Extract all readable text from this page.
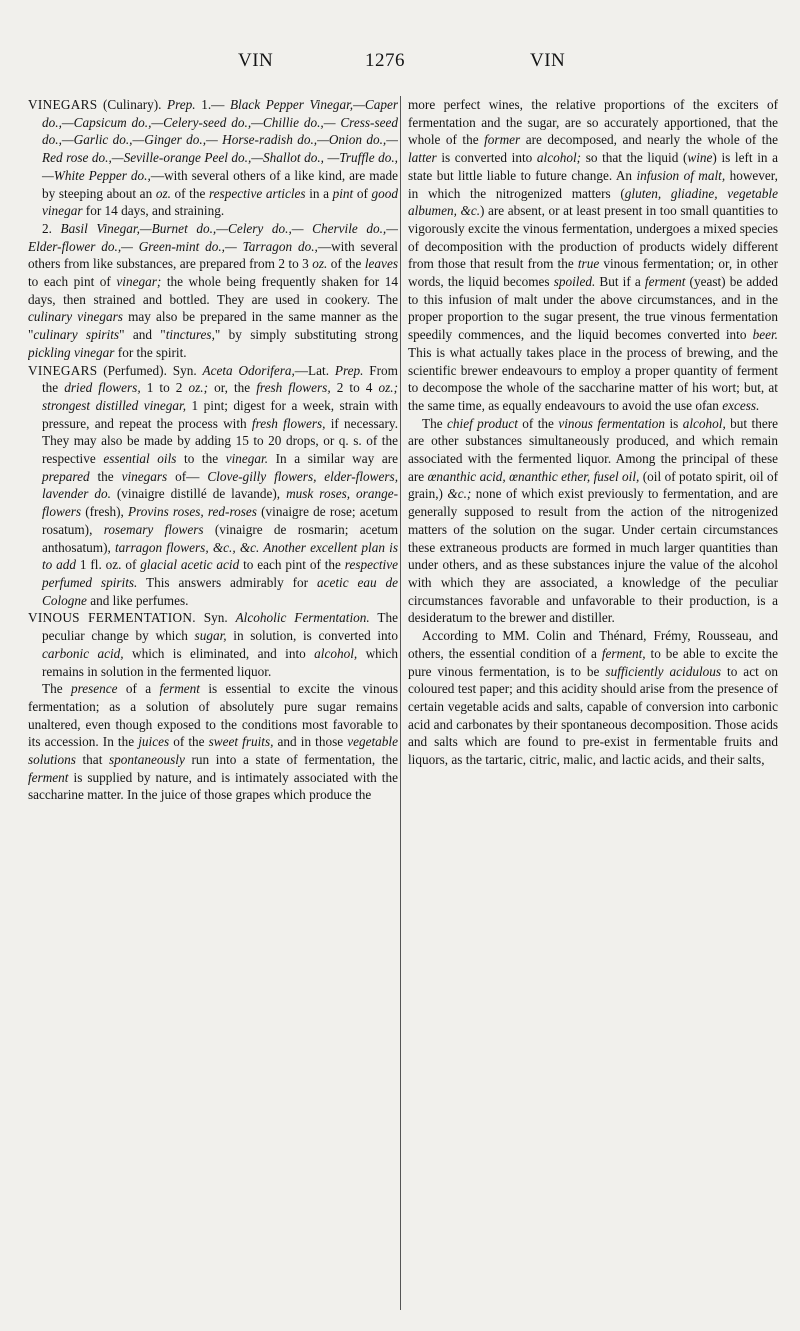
VIN	1276	VIN

VINEGARS (Culinary). Prep. 1.— Black Pepper Vinegar,—Caper do.,—Capsicum do.,—Celery-seed do.,—Chillie do.,— Cress-seed do.,—Garlic do.,—Ginger do.,— Horse-radish do.,—Onion do.,—Red rose do.,—Seville-orange Peel do.,—Shallot do., —Truffle do.,—White Pepper do.,—with several others of a like kind, are made by steeping about an oz. of the respective articles in a pint of good vinegar for 14 days, and straining.

2. Basil Vinegar,—Burnet do.,—Celery do.,— Chervile do.,—Elder-flower do.,— Green-mint do.,— Tarragon do.,—with several others from like substances, are prepared from 2 to 3 oz. of the leaves to each pint of vinegar; the whole being frequently shaken for 14 days, then strained and bottled. They are used in cookery. The culinary vinegars may also be prepared in the same manner as the "culinary spirits" and "tinctures," by simply substituting strong pickling vinegar for the spirit.

VINEGARS (Perfumed). Syn. Aceta Odorifera,—Lat. Prep. From the dried flowers, 1 to 2 oz.; or, the fresh flowers, 2 to 4 oz.; strongest distilled vinegar, 1 pint; digest for a week, strain with pressure, and repeat the process with fresh flowers, if necessary. They may also be made by adding 15 to 20 drops, or q. s. of the respective essential oils to the vinegar. In a similar way are prepared the vinegars of— Clove-gilly flowers, elder-flowers, lavender do. (vinaigre distillé de lavande), musk roses, orange-flowers (fresh), Provins roses, red-roses (vinaigre de rose; acetum rosatum), rosemary flowers (vinaigre de rosmarin; acetum anthosatum), tarragon flowers, &c., &c. Another excellent plan is to add 1 fl. oz. of glacial acetic acid to each pint of the respective perfumed spirits. This answers admirably for acetic eau de Cologne and like perfumes.

VINOUS FERMENTATION. Syn. Alcoholic Fermentation. The peculiar change by which sugar, in solution, is converted into carbonic acid, which is eliminated, and into alcohol, which remains in solution in the fermented liquor.

The presence of a ferment is essential to excite the vinous fermentation; as a solution of absolutely pure sugar remains unaltered, even though exposed to the conditions most favorable to its accession. In the juices of the sweet fruits, and in those vegetable solutions that spontaneously run into a state of fermentation, the ferment is supplied by nature, and is intimately associated with the saccharine matter. In the juice of those grapes which produce the

more perfect wines, the relative proportions of the exciters of fermentation and the sugar, are so accurately apportioned, that the whole of the former are decomposed, and nearly the whole of the latter is converted into alcohol; so that the liquid (wine) is left in a state but little liable to future change. An infusion of malt, however, in which the nitrogenized matters (gluten, gliadine, vegetable albumen, &c.) are absent, or at least present in too small quantities to vigorously excite the vinous fermentation, undergoes a mixed species of decomposition with the production of products widely different from those that result from the true vinous fermentation; or, in other words, the liquid becomes spoiled. But if a ferment (yeast) be added to this infusion of malt under the above circumstances, and in the proper proportion to the sugar present, the true vinous fermentation speedily commences, and the liquid becomes converted into beer. This is what actually takes place in the process of brewing, and the scientific brewer endeavours to employ a proper quantity of ferment to decompose the whole of the saccharine matter of his wort; but, at the same time, as equally endeavours to avoid the use ofan excess.

The chief product of the vinous fermentation is alcohol, but there are other substances simultaneously produced, and which remain associated with the fermented liquor. Among the principal of these are œnanthic acid, œnanthic ether, fusel oil, (oil of potato spirit, oil of grain,) &c.; none of which exist previously to fermentation, and are generally supposed to result from the action of the nitrogenized matters of the solution on the sugar. Under certain circumstances these extraneous products are formed in much larger quantities than under others, and as these substances injure the value of the alcohol with which they are associated, a knowledge of the peculiar circumstances favorable and unfavorable to their production, is a desideratum to the brewer and distiller.

According to MM. Colin and Thénard, Frémy, Rousseau, and others, the essential condition of a ferment, to be able to excite the pure vinous fermentation, is to be sufficiently acidulous to act on coloured test paper; and this acidity should arise from the presence of certain vegetable acids and salts, capable of conversion into carbonic acid and carbonates by their spontaneous decomposition. Those acids and salts which are found to pre-exist in fermentable fruits and liquors, as the tartaric, citric, malic, and lactic acids, and their salts,
